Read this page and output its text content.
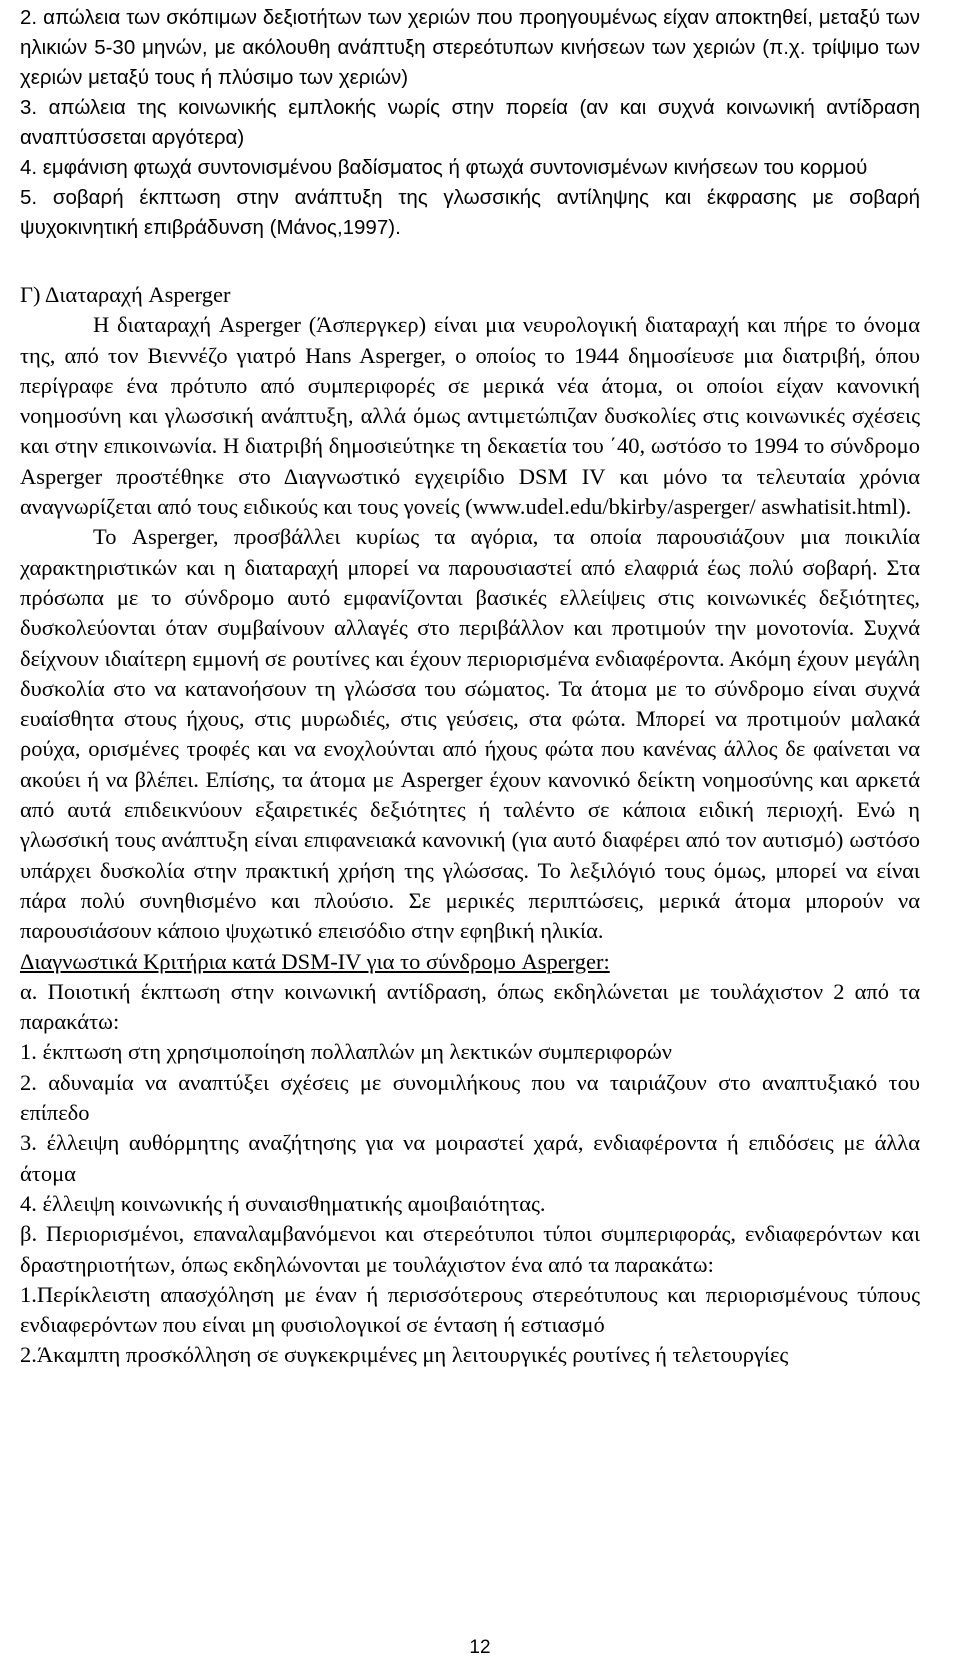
2. απώλεια των σκόπιμων δεξιοτήτων των χεριών που προηγουμένως είχαν αποκτηθεί, μεταξύ των ηλικιών 5-30 μηνών, με ακόλουθη ανάπτυξη στερεότυπων κινήσεων των χεριών (π.χ. τρίψιμο των χεριών μεταξύ τους ή πλύσιμο των χεριών)

3. απώλεια της κοινωνικής εμπλοκής νωρίς στην πορεία (αν και συχνά κοινωνική αντίδραση αναπτύσσεται αργότερα)

4. εμφάνιση φτωχά συντονισμένου βαδίσματος ή φτωχά συντονισμένων κινήσεων του κορμού

5. σοβαρή έκπτωση στην ανάπτυξη της γλωσσικής αντίληψης και έκφρασης με σοβαρή ψυχοκινητική επιβράδυνση (Μάνος,1997).

Γ) Διαταραχή Asperger

Η διαταραχή Asperger (Άσπεργκερ) είναι μια νευρολογική διαταραχή και πήρε το όνομα της, από τον Βιεννέζο γιατρό Hans Asperger, ο οποίος το 1944 δημοσίευσε μια διατριβή, όπου περίγραφε ένα πρότυπο από συμπεριφορές σε μερικά νέα άτομα, οι οποίοι είχαν κανονική νοημοσύνη και γλωσσική ανάπτυξη, αλλά όμως αντιμετώπιζαν δυσκολίες στις κοινωνικές σχέσεις και στην επικοινωνία. Η διατριβή δημοσιεύτηκε τη δεκαετία του ΄40, ωστόσο το 1994 το σύνδρομο Asperger προστέθηκε στο Διαγνωστικό εγχειρίδιο DSM IV και μόνο τα τελευταία χρόνια αναγνωρίζεται από τους ειδικούς και τους γονείς (www.udel.edu/bkirby/asperger/ aswhatisit.html).

Το Asperger, προσβάλλει κυρίως τα αγόρια, τα οποία παρουσιάζουν μια ποικιλία χαρακτηριστικών και η διαταραχή μπορεί να παρουσιαστεί από ελαφριά έως πολύ σοβαρή. Στα πρόσωπα με το σύνδρομο αυτό εμφανίζονται βασικές ελλείψεις στις κοινωνικές δεξιότητες, δυσκολεύονται όταν συμβαίνουν αλλαγές στο περιβάλλον και προτιμούν την μονοτονία. Συχνά δείχνουν ιδιαίτερη εμμονή σε ρουτίνες και έχουν περιορισμένα ενδιαφέροντα. Ακόμη έχουν μεγάλη δυσκολία στο να κατανοήσουν τη γλώσσα του σώματος. Τα άτομα με το σύνδρομο είναι συχνά ευαίσθητα στους ήχους, στις μυρωδιές, στις γεύσεις, στα φώτα. Μπορεί να προτιμούν μαλακά ρούχα, ορισμένες τροφές και να ενοχλούνται από ήχους φώτα που κανένας άλλος δε φαίνεται να ακούει ή να βλέπει. Επίσης, τα άτομα με Asperger έχουν κανονικό δείκτη νοημοσύνης και αρκετά από αυτά επιδεικνύουν εξαιρετικές δεξιότητες ή ταλέντο σε κάποια ειδική περιοχή. Ενώ η γλωσσική τους ανάπτυξη είναι επιφανειακά κανονική (για αυτό διαφέρει από τον αυτισμό) ωστόσο υπάρχει δυσκολία στην πρακτική χρήση της γλώσσας. Το λεξιλόγιό τους όμως, μπορεί να είναι πάρα πολύ συνηθισμένο και πλούσιο. Σε μερικές περιπτώσεις, μερικά άτομα μπορούν να παρουσιάσουν κάποιο ψυχωτικό επεισόδιο στην εφηβική ηλικία.

Διαγνωστικά Κριτήρια κατά DSM-IV για το σύνδρομο Asperger:

α. Ποιοτική έκπτωση στην κοινωνική αντίδραση, όπως εκδηλώνεται με τουλάχιστον 2 από τα παρακάτω:

1. έκπτωση στη χρησιμοποίηση πολλαπλών μη λεκτικών συμπεριφορών

2. αδυναμία να αναπτύξει σχέσεις με συνομιλήκους που να ταιριάζουν στο αναπτυξιακό του επίπεδο

3. έλλειψη αυθόρμητης αναζήτησης για να μοιραστεί χαρά, ενδιαφέροντα ή επιδόσεις με άλλα άτομα

4. έλλειψη κοινωνικής ή συναισθηματικής αμοιβαιότητας.

β. Περιορισμένοι, επαναλαμβανόμενοι και στερεότυποι τύποι συμπεριφοράς, ενδιαφερόντων και δραστηριοτήτων, όπως εκδηλώνονται με τουλάχιστον ένα από τα παρακάτω:

1.Περίκλειστη απασχόληση με έναν ή περισσότερους στερεότυπους και περιορισμένους τύπους ενδιαφερόντων που είναι μη φυσιολογικοί σε ένταση ή εστιασμό

2.Άκαμπτη προσκόλληση σε συγκεκριμένες μη λειτουργικές ρουτίνες ή τελετουργίες

12
